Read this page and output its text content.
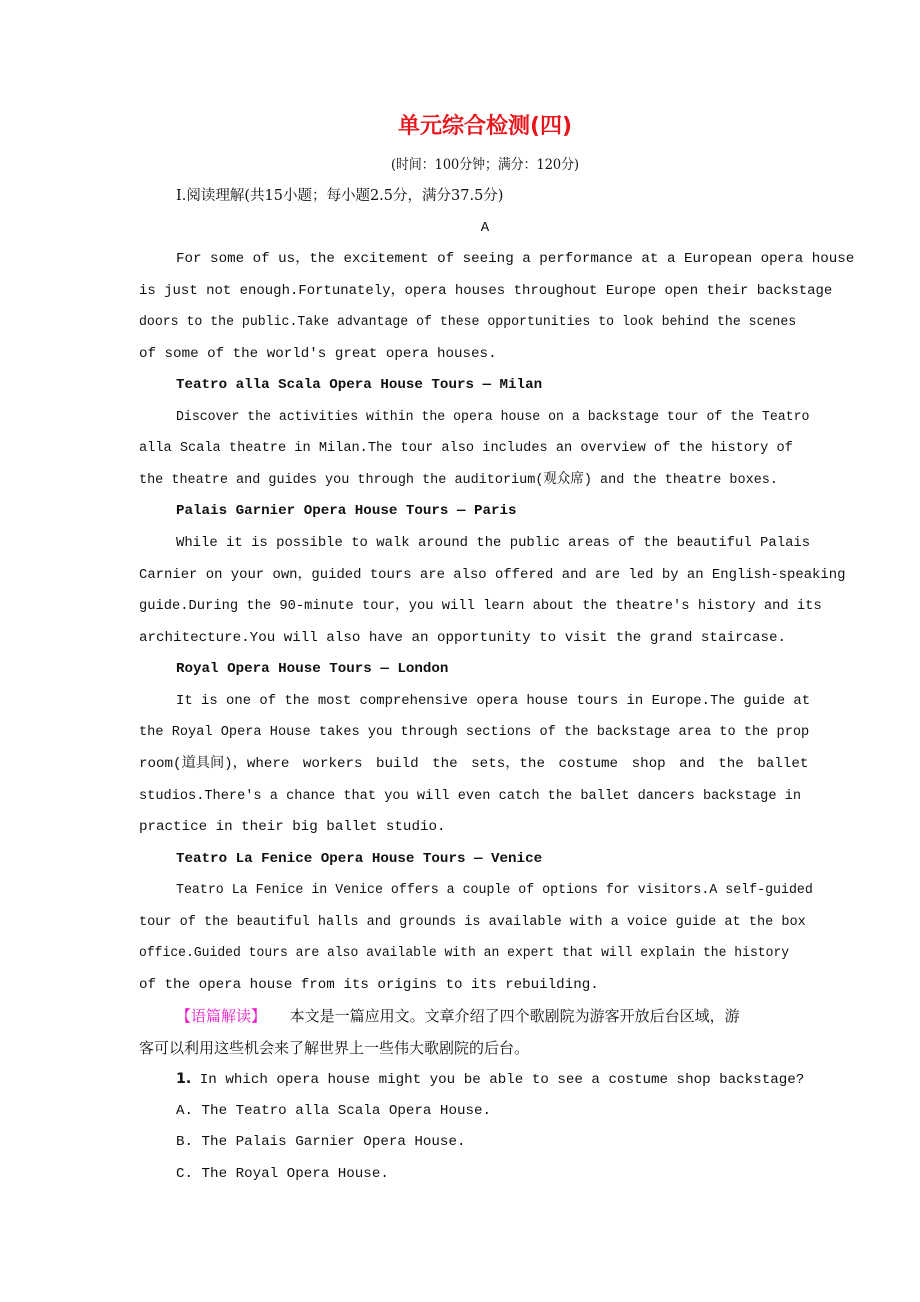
单元综合检测(四)
(时间：100分钟；满分：120分)
Ⅰ.阅读理解(共15小题；每小题2.5分，满分37.5分)
A
For some of us，the excitement of seeing a performance at a European opera house
is just not enough.Fortunately，opera houses throughout Europe open their backstage
doors to the public.Take advantage of these opportunities to look behind the scenes
of some of the world's great opera houses.
Teatro alla Scala Opera House Tours — Milan
Discover the activities within the opera house on a backstage tour of the Teatro
alla Scala theatre in Milan.The tour also includes an overview of the history of
the theatre and guides you through the auditorium(观众席) and the theatre boxes.
Palais Garnier Opera House Tours — Paris
While it is possible to walk around the public areas of the beautiful Palais
Carnier on your own，guided tours are also offered and are led by an English-speaking
guide.During the 90-minute tour，you will learn about the theatre's history and its
architecture.You will also have an opportunity to visit the grand staircase.
Royal Opera House Tours — London
It is one of the most comprehensive opera house tours in Europe.The guide at
the Royal Opera House takes you through sections of the backstage area to the prop
room(道具间)，where workers build the sets，the costume shop and the ballet
studios.There's a chance that you will even catch the ballet dancers backstage in
practice in their big ballet studio.
Teatro La Fenice Opera House Tours — Venice
Teatro La Fenice in Venice offers a couple of options for visitors.A self-guided
tour of the beautiful halls and grounds is available with a voice guide at the box
office.Guided tours are also available with an expert that will explain the history
of the opera house from its origins to its rebuilding.
【语篇解读】 本文是一篇应用文。文章介绍了四个歌剧院为游客开放后台区域，游
客可以利用这些机会来了解世界上一些伟大歌剧院的后台。
1. In which opera house might you be able to see a costume shop backstage?
A. The Teatro alla Scala Opera House.
B. The Palais Garnier Opera House.
C. The Royal Opera House.
